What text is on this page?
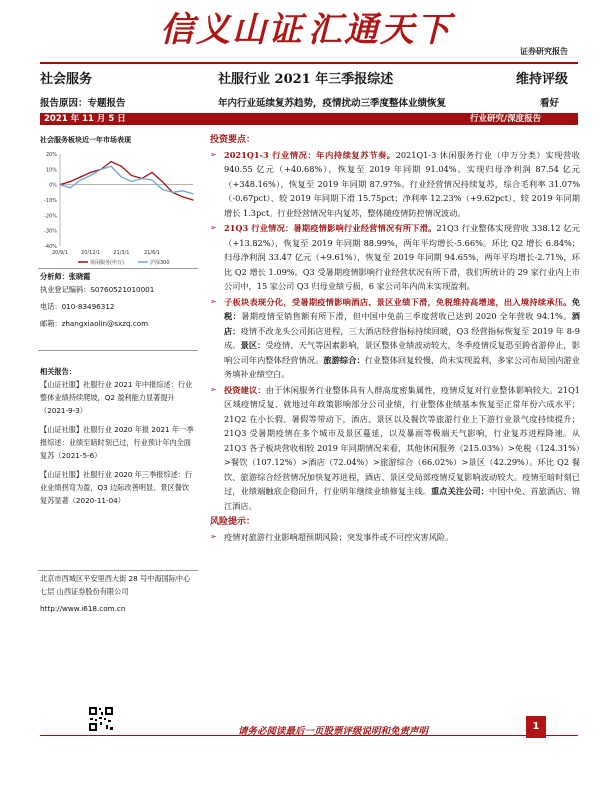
信义山证 汇通天下
证券研究报告
社会服务	社服行业 2021 年三季报综述	维持评级
报告原因：专题报告	年内行业延续复苏趋势，疫情扰动三季度整体业绩恢复	看好
2021 年 11 月 5 日	行业研究/深度报告
社会服务板块近一年市场表现
20%
10%
0%
-10%
-20%
-30%
-40%
20/9/1	20/12/1	21/3/1	21/6/1
休闲服务(申万)	沪深300
分析师：张晓霞
执业登记编码：S0760521010001
电话：010-83496312
邮箱：zhangxiaolin@sxzq.com
相关报告：
【山证社服】社服行业 2021 年中报综述：行业整体业绩持续爬坡，Q2 盈利能力显著提升（2021-9-3）
【山证社服】社服行业 2020 年报 2021 年一季报综述：业绩至暗时刻已过，行业预计年内全面复苏（2021-5-6）
【山证社服】社服行业 2020 年三季报综述：行业业绩拐弯为盈，Q3 边际改善明显、景区餐饮复苏显著（2020-11-04）
北京市西城区平安里西大街 28 号中海国际中心七层 山西证券股份有限公司
http://www.i618.com.cn
投资要点：
➢ 2021Q1-3 行业情况：年内持续复苏节奏。2021Q1-3 休闲服务行业（申万分类）实现营收 940.55 亿元（+40.68%），恢复至 2019 年同期 91.04%。实现归母净利润 87.54 亿元（+348.16%），恢复至 2019 年同期 87.97%。行业经营情况持续复苏，综合毛利率 31.07%（-0.67pct）、较 2019 年同期下滑 15.75pct；净利率 12.23%（+9.62pct）、较 2019 年同期增长 1.3pct。行业经营情况年内复苏，整体随疫情防控情况波动。
➢ 21Q3 行业情况：暑期疫情影响行业经营情况有所下滑。21Q3 行业整体实现营收 338.12 亿元（+13.82%），恢复至 2019 年同期 88.99%，两年平均增长-5.66%。环比 Q2 增长 6.84%；归母净利润 33.47 亿元（+9.61%），恢复至 2019 年同期 94.65%，两年平均增长-2.71%，环比 Q2 增长 1.09%。Q3 受暑期疫情影响行业经营状况有所下滑，我们所统计的 29 家行业内上市公司中，15 家公司 Q3 归母业绩亏损，6 家公司年内尚未实现盈利。
➢ 子板块表现分化，受暑期疫情影响酒店、景区业绩下滑，免税维持高增速，出入境持续承压。免税：暑期疫情至销售额有所下滑，但中国中免前三季度营收已达到 2020 全年营收 94.1%。酒店：疫情不改龙头公司拓店进程，三大酒店经营指标持续回暖，Q3 经营指标恢复至 2019 年 8-9 成。景区：受疫情、天气等因素影响，景区整体业绩波动较大，冬季疫情反复恐至跨省游停止，影响公司年内整体经营情况。旅游综合：行业整体回复较慢，尚未实现盈利，多家公司布局国内游业务填补业绩空白。
➢ 投资建议：由于休闲服务行业整体具有人群高度密集属性，疫情反复对行业整体影响较大。21Q1 区域疫情反复、就地过年政策影响部分公司业绩，行业整体业绩基本恢复至正常年份六成水平；21Q2 在小长假、暑假等带动下，酒店、景区以及餐饮等旅游行业上下游行业景气度持续提升；21Q3 受暑期疫情在多个城市及景区蔓延，以及暴雨等极端天气影响，行业复苏进程降速。从 21Q3 各子板块营收相较 2019 年同期情况来看，其他休闲服务（215.03%）>免税（124.31%）>餐饮（107.12%）>酒店（72.04%）>旅游综合（66.02%）>景区（42.29%）。环比 Q2 餐饮、旅游综合经营情况加快复苏进程，酒店、景区受局部疫情反复影响波动较大。疫情至暗时刻已过，业绩端触底企稳回升，行业明年继续业绩修复主线。重点关注公司：中国中免、首旅酒店、锦江酒店。
风险提示：
➢ 疫情对旅游行业影响超预期风险；突发事件或不可控灾害风险。
请务必阅读最后一页股票评级说明和免责声明	1
